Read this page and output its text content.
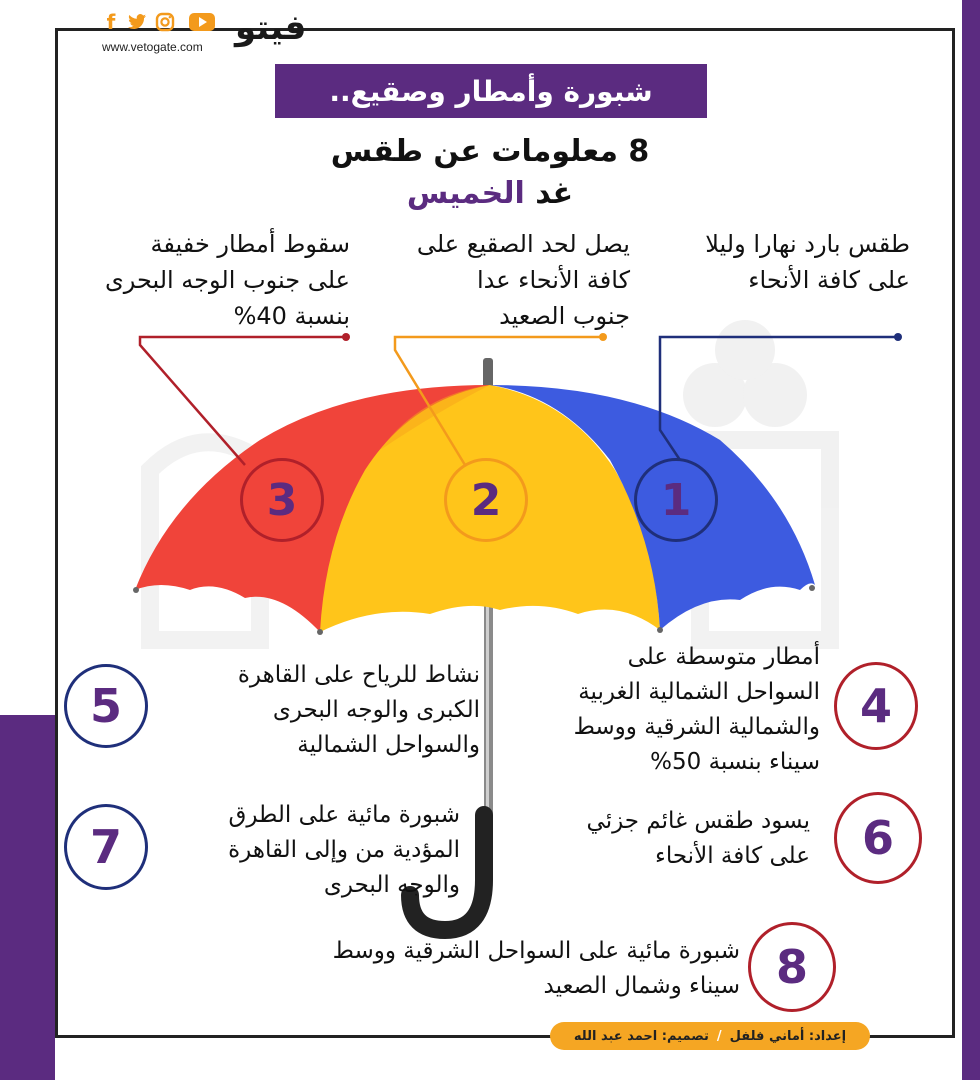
f
www.vetogate.com فيتو
شبورة وأمطار وصقيع..
8 معلومات عن طقس
غد الخميس
1
2
3
طقس بارد نهارا وليلا
على كافة الأنحاء
يصل لحد الصقيع على
كافة الأنحاء عدا
جنوب الصعيد
سقوط أمطار خفيفة
على جنوب الوجه البحرى
بنسبة 40%
4
أمطار متوسطة على
السواحل الشمالية الغربية
والشمالية الشرقية ووسط
سيناء بنسبة 50%
5
نشاط للرياح على القاهرة
الكبرى والوجه البحرى
والسواحل الشمالية
6
يسود طقس غائم جزئي
على كافة الأنحاء
7
شبورة مائية على الطرق
المؤدية من وإلى القاهرة
والوجه البحرى
8
شبورة مائية على السواحل الشرقية ووسط
سيناء وشمال الصعيد
إعداد: أماني فلفل
/
تصميم: احمد عبد الله
